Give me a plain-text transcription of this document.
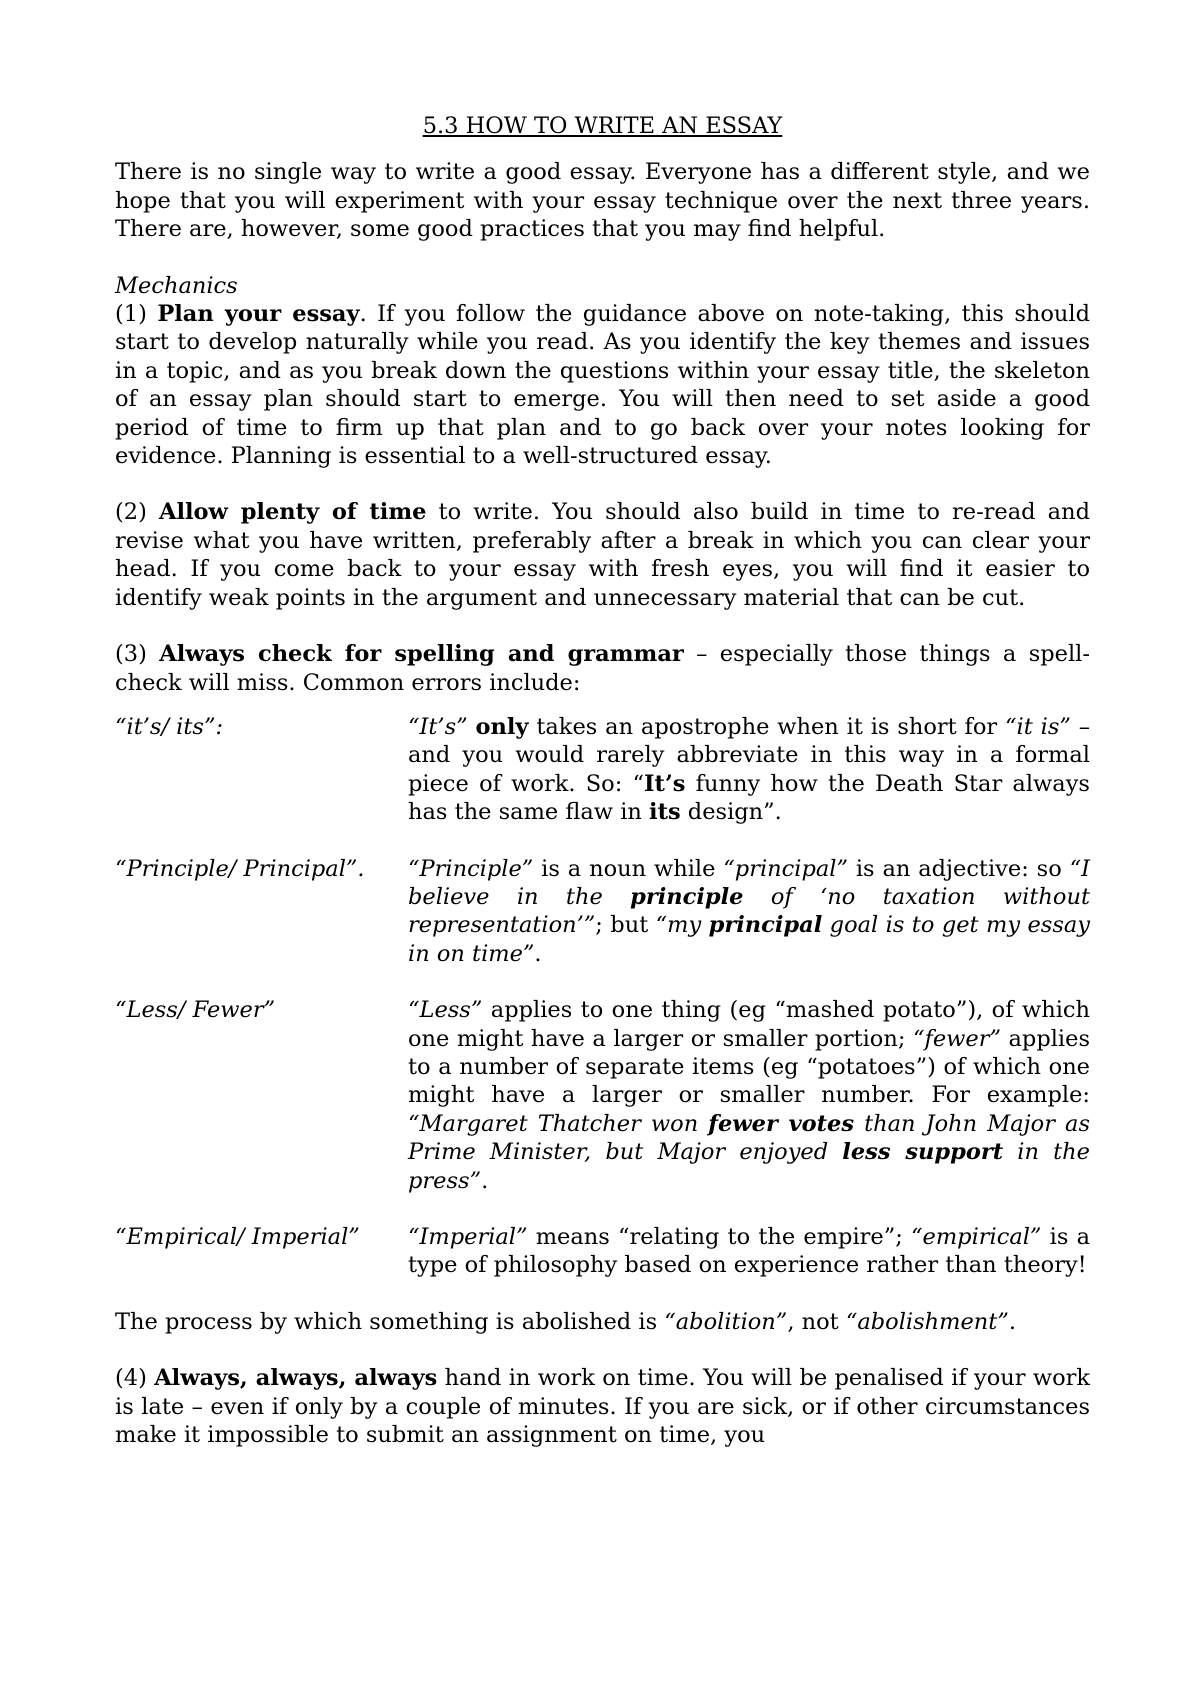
5.3 HOW TO WRITE AN ESSAY

There is no single way to write a good essay. Everyone has a different style, and we hope that you will experiment with your essay technique over the next three years. There are, however, some good practices that you may find helpful.

Mechanics
(1) Plan your essay. If you follow the guidance above on note-taking, this should start to develop naturally while you read. As you identify the key themes and issues in a topic, and as you break down the questions within your essay title, the skeleton of an essay plan should start to emerge. You will then need to set aside a good period of time to firm up that plan and to go back over your notes looking for evidence. Planning is essential to a well-structured essay.

(2) Allow plenty of time to write. You should also build in time to re-read and revise what you have written, preferably after a break in which you can clear your head. If you come back to your essay with fresh eyes, you will find it easier to identify weak points in the argument and unnecessary material that can be cut.

(3) Always check for spelling and grammar – especially those things a spell-check will miss. Common errors include:

“it’s/ its”:	“It’s” only takes an apostrophe when it is short for “it is” – and you would rarely abbreviate in this way in a formal piece of work. So: “It’s funny how the Death Star always has the same flaw in its design”.
“Principle/ Principal”.	“Principle” is a noun while “principal” is an adjective: so “I believe in the principle of ‘no taxation without representation’”; but “my principal goal is to get my essay in on time”.
“Less/ Fewer”	“Less” applies to one thing (eg “mashed potato”), of which one might have a larger or smaller portion; “fewer” applies to a number of separate items (eg “potatoes”) of which one might have a larger or smaller number. For example: “Margaret Thatcher won fewer votes than John Major as Prime Minister, but Major enjoyed less support in the press”.
“Empirical/ Imperial”	“Imperial” means “relating to the empire”; “empirical” is a type of philosophy based on experience rather than theory!

The process by which something is abolished is “abolition”, not “abolishment”.

(4) Always, always, always hand in work on time. You will be penalised if your work is late – even if only by a couple of minutes. If you are sick, or if other circumstances make it impossible to submit an assignment on time, you
